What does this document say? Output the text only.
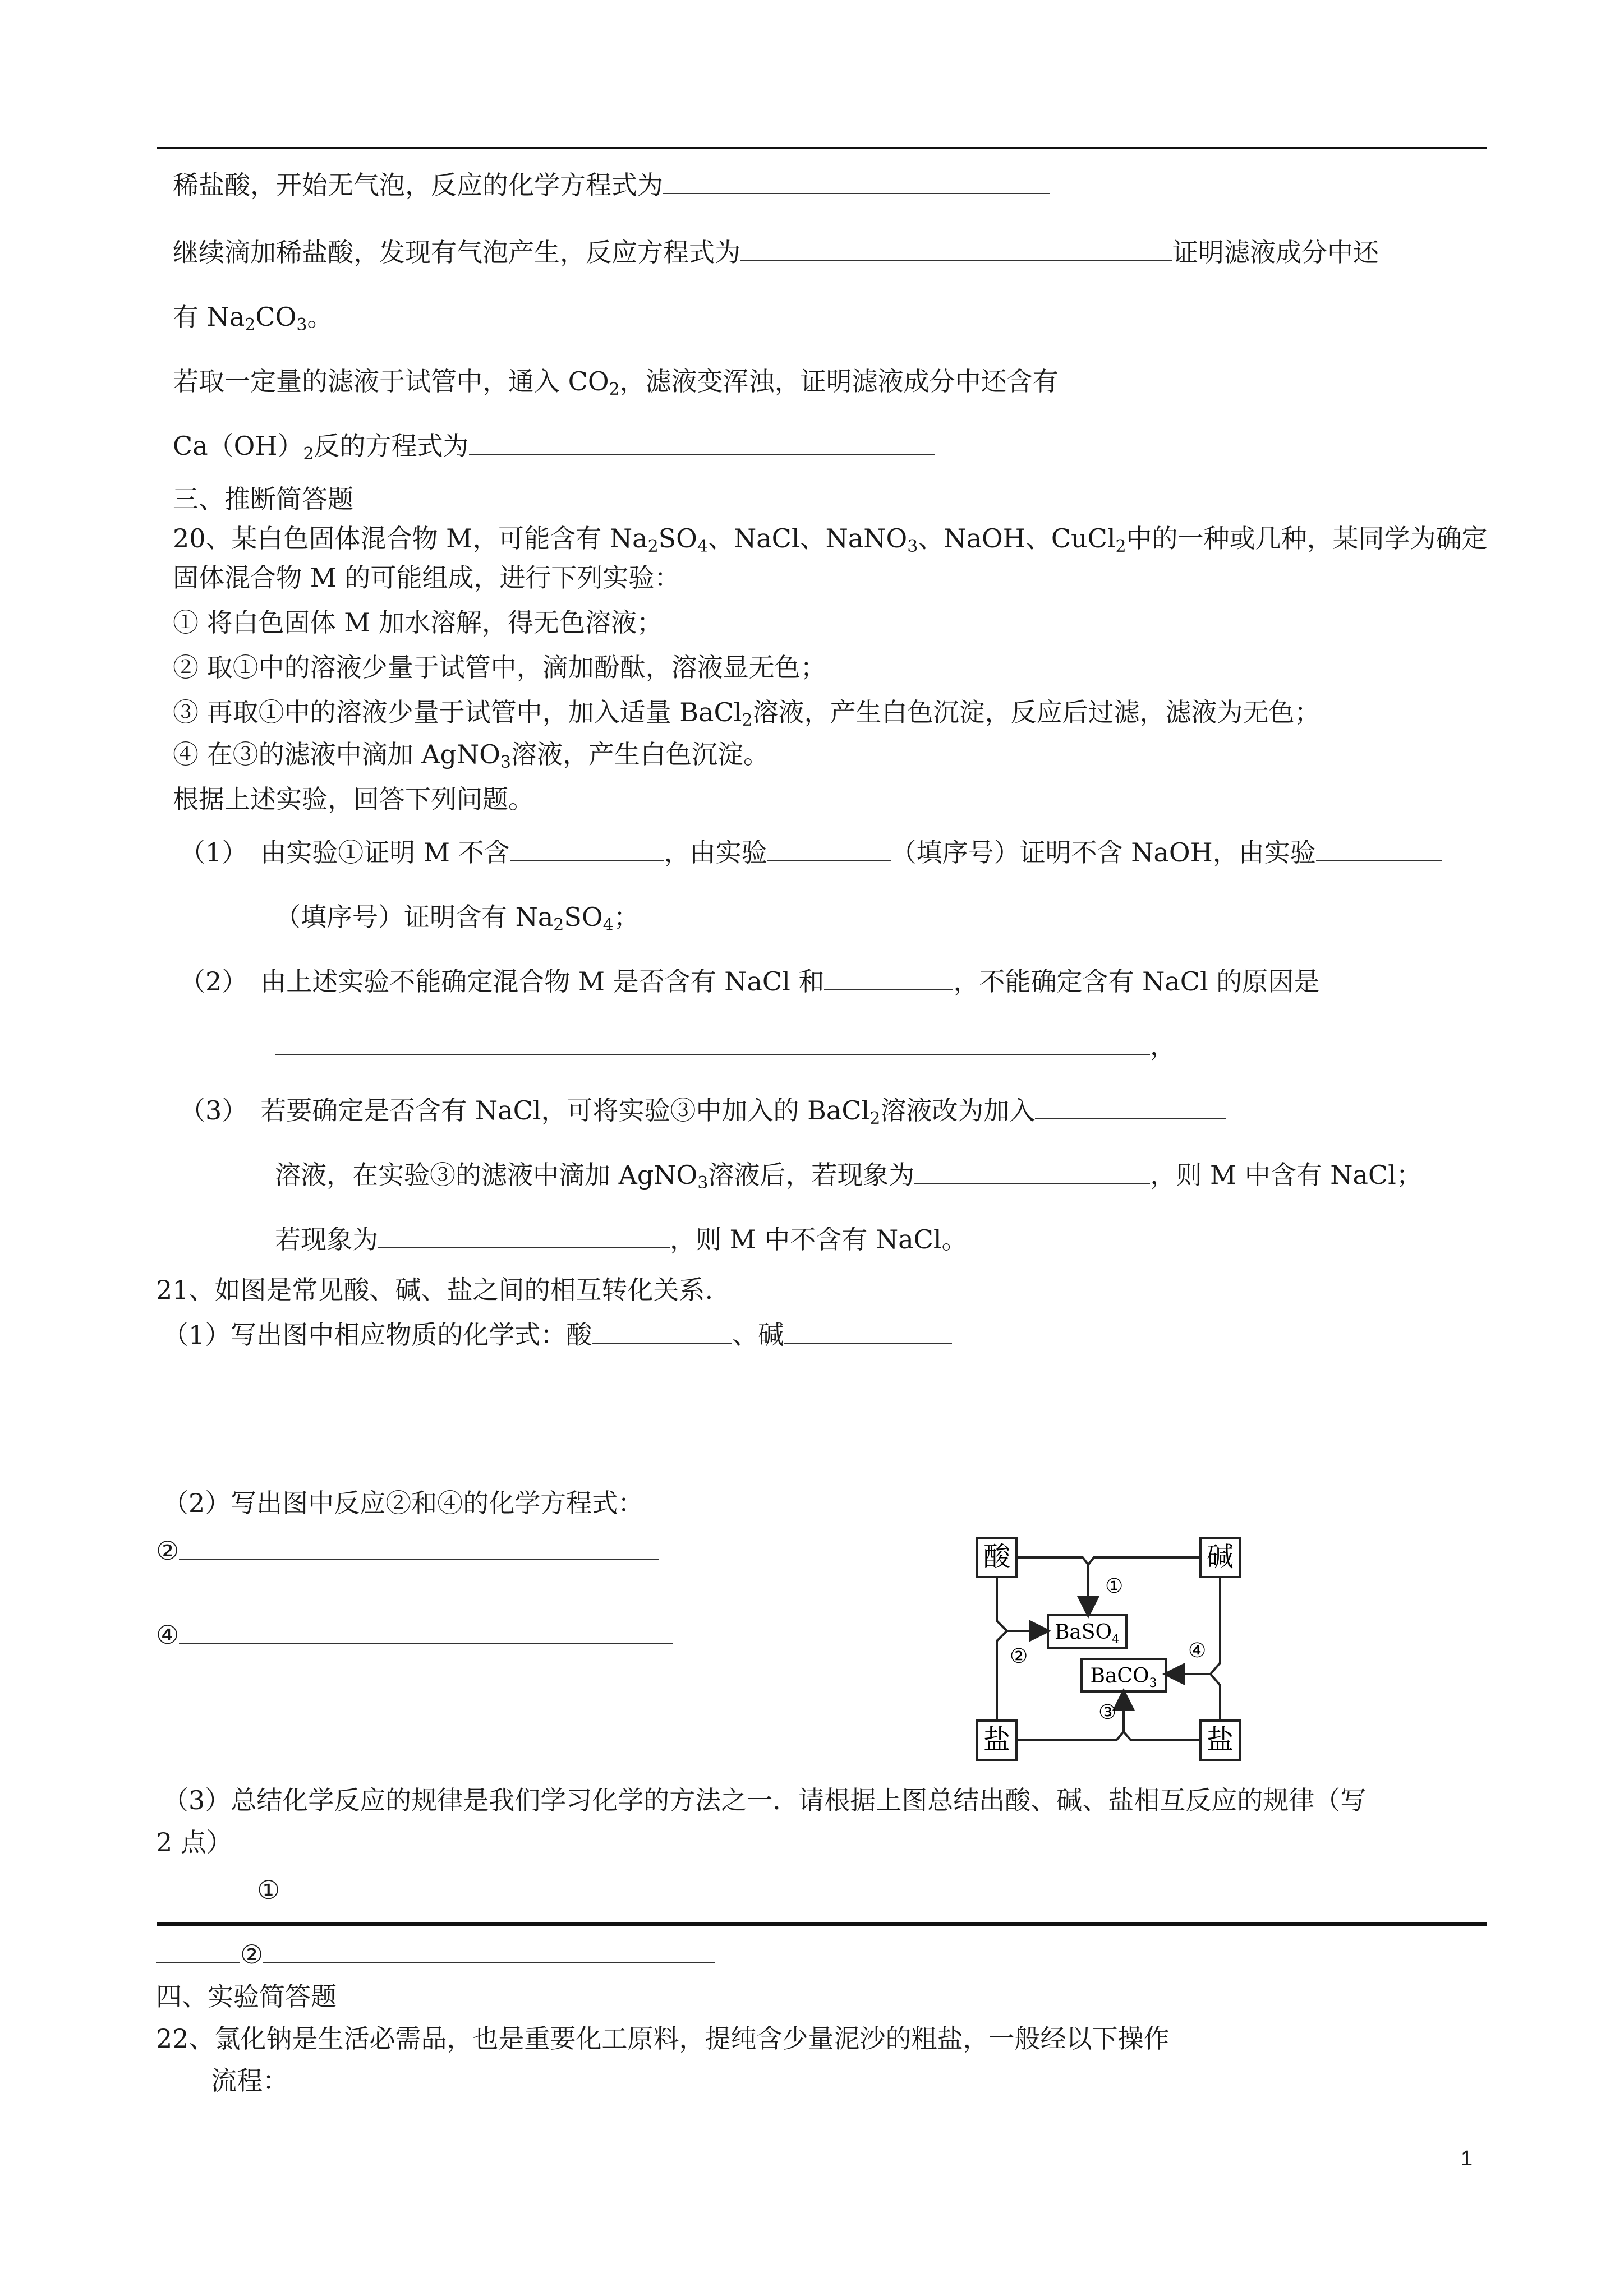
稀盐酸，开始无气泡，反应的化学方程式为
继续滴加稀盐酸，发现有气泡产生，反应方程式为	证明滤液成分中还
有 $Na_2CO_3$。
若取一定量的滤液于试管中，通入 $CO_2$，滤液变浑浊，证明滤液成分中还含有
$Ca(OH)_2$反的方程式为
三、推断简答题
20、某白色固体混合物 M，可能含有 $Na_2SO_4$、NaCl、NaNO$_3$、NaOH、CuCl$_2$中的一种或几种，某同学为确定
固体混合物 M 的可能组成，进行下列实验：
① 将白色固体 M 加水溶解，得无色溶液；
② 取①中的溶液少量于试管中，滴加酚酞，溶液显无色；
③ 再取①中的溶液少量于试管中，加入适量 BaCl$_2$溶液，产生白色沉淀，反应后过滤，滤液为无色；
④ 在③的滤液中滴加 AgNO$_3$溶液，产生白色沉淀。
根据上述实验，回答下列问题。
（1）　由实验①证明 M 不含	，由实验	（填序号）证明不含 NaOH，由实验
（填序号）证明含有 $Na_2SO_4$；
（2）　由上述实验不能确定混合物 M 是否含有 NaCl 和	，不能确定含有 NaCl 的原因是
，
（3）　若要确定是否含有 NaCl，可将实验③中加入的 BaCl$_2$溶液改为加入
溶液，在实验③的滤液中滴加 AgNO$_3$溶液后，若现象为	，则 M 中含有 NaCl；
若现象为	，则 M 中不含有 NaCl。
21、如图是常见酸、碱、盐之间的相互转化关系.
（1）写出图中相应物质的化学式：酸	、碱
（2）写出图中反应②和④的化学方程式：
②
④
酸	碱
盐	盐
BaSO$_4$
BaCO$_3$
①
②	④
③
（3）总结化学反应的规律是我们学习化学的方法之一．请根据上图总结出酸、碱、盐相互反应的规律（写
2 点）
①
②
四、实验简答题
22、氯化钠是生活必需品，也是重要化工原料，提纯含少量泥沙的粗盐，一般经以下操作
流程：
1
